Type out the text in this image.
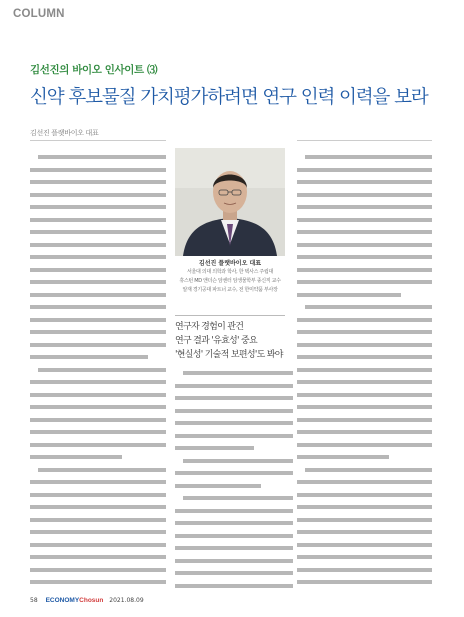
COLUMN
김선진의 바이오 인사이트 ⑶
신약 후보물질 가치평가하려면 연구 인력 이력을 보라
김선진 플랫바이오 대표
김선진 플랫바이오 대표
서울대 의대 의학과 학사, 한 텍사스 주립대
휴스턴 MD 앤더슨 암센터 암생물학부 종신직 교수
알재 경기공대 파트너 교수, 전 한미약품 부사장
연구자 경험이 관건
연구 결과 '유효성' 중요
'현실성' 기술적 보편성'도 봐야
58 ECONOMYChosun 2021.08.09
